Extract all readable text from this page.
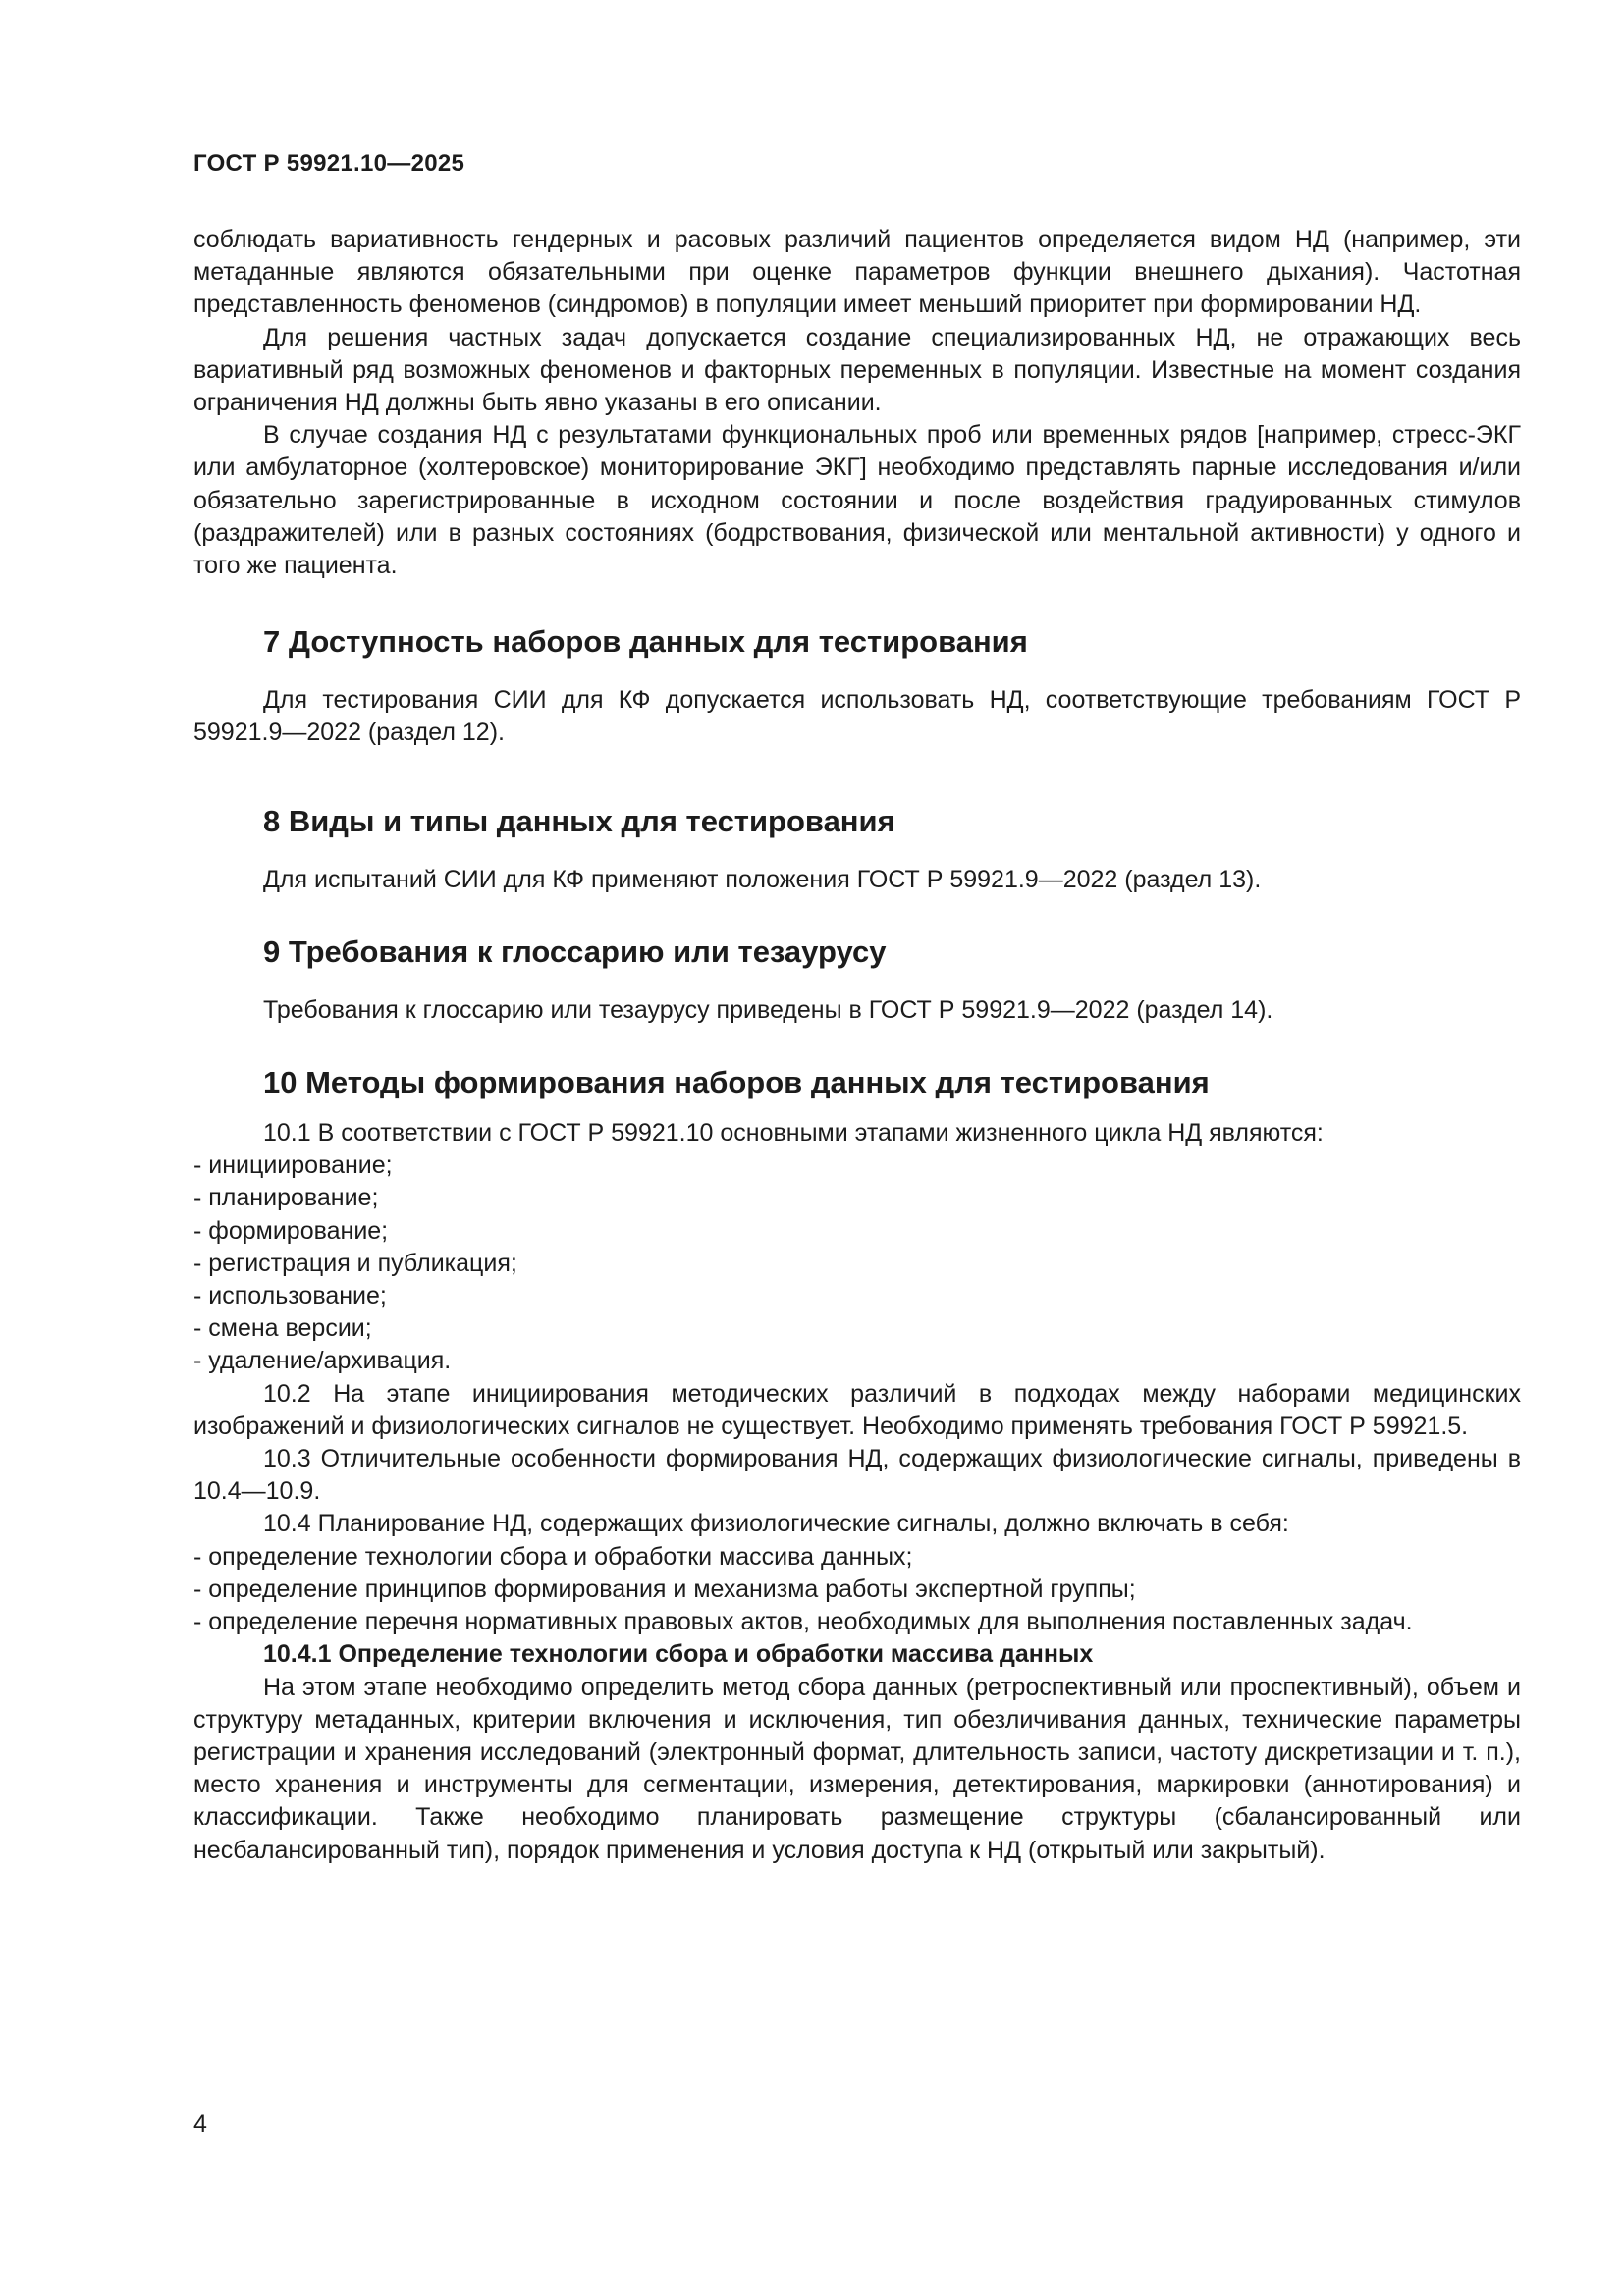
ГОСТ Р 59921.10—2025

соблюдать вариативность гендерных и расовых различий пациентов определяется видом НД (например, эти метаданные являются обязательными при оценке параметров функции внешнего дыхания). Частотная представленность феноменов (синдромов) в популяции имеет меньший приоритет при формировании НД.

Для решения частных задач допускается создание специализированных НД, не отражающих весь вариативный ряд возможных феноменов и факторных переменных в популяции. Известные на момент создания ограничения НД должны быть явно указаны в его описании.

В случае создания НД с результатами функциональных проб или временных рядов [например, стресс-ЭКГ или амбулаторное (холтеровское) мониторирование ЭКГ] необходимо представлять парные исследования и/или обязательно зарегистрированные в исходном состоянии и после воздействия градуированных стимулов (раздражителей) или в разных состояниях (бодрствования, физической или ментальной активности) у одного и того же пациента.

7 Доступность наборов данных для тестирования

Для тестирования СИИ для КФ допускается использовать НД, соответствующие требованиям ГОСТ Р 59921.9—2022 (раздел 12).

8 Виды и типы данных для тестирования

Для испытаний СИИ для КФ применяют положения ГОСТ Р 59921.9—2022 (раздел 13).

9 Требования к глоссарию или тезаурусу

Требования к глоссарию или тезаурусу приведены в ГОСТ Р 59921.9—2022 (раздел 14).

10 Методы формирования наборов данных для тестирования

10.1 В соответствии с ГОСТ Р 59921.10 основными этапами жизненного цикла НД являются:

- инициирование;

- планирование;

- формирование;

- регистрация и публикация;

- использование;

- смена версии;

- удаление/архивация.

10.2 На этапе инициирования методических различий в подходах между наборами медицинских изображений и физиологических сигналов не существует. Необходимо применять требования ГОСТ Р 59921.5.

10.3 Отличительные особенности формирования НД, содержащих физиологические сигналы, приведены в 10.4—10.9.

10.4 Планирование НД, содержащих физиологические сигналы, должно включать в себя:

- определение технологии сбора и обработки массива данных;

- определение принципов формирования и механизма работы экспертной группы;

- определение перечня нормативных правовых актов, необходимых для выполнения поставленных задач.

10.4.1 Определение технологии сбора и обработки массива данных

На этом этапе необходимо определить метод сбора данных (ретроспективный или проспективный), объем и структуру метаданных, критерии включения и исключения, тип обезличивания данных, технические параметры регистрации и хранения исследований (электронный формат, длительность записи, частоту дискретизации и т. п.), место хранения и инструменты для сегментации, измерения, детектирования, маркировки (аннотирования) и классификации. Также необходимо планировать размещение структуры (сбалансированный или несбалансированный тип), порядок применения и условия доступа к НД (открытый или закрытый).

4
